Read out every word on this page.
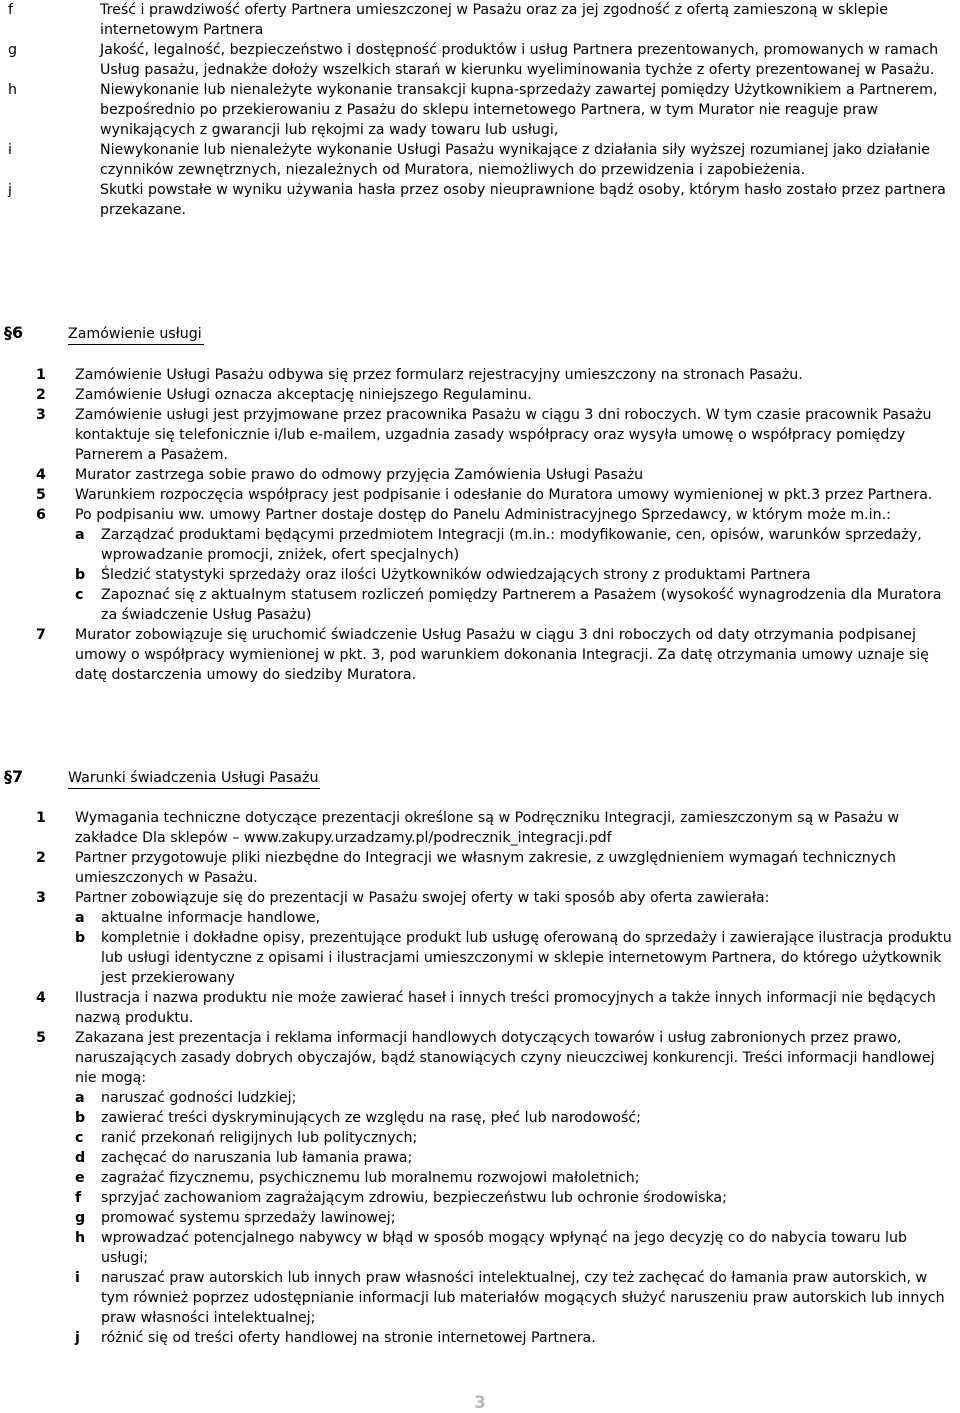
f	Treść i prawdziwość oferty Partnera umieszczonej w Pasażu oraz za jej zgodność z ofertą zamieszoną w sklepie internetowym Partnera
g	Jakość, legalność, bezpieczeństwo i dostępność produktów i usług Partnera prezentowanych, promowanych w ramach Usług pasażu, jednakże dołoży wszelkich starań w kierunku wyeliminowania tychże z oferty prezentowanej w Pasażu.
h	Niewykonanie lub nienależyte wykonanie transakcji kupna-sprzedaży zawartej pomiędzy Użytkownikiem a Partnerem, bezpośrednio po przekierowaniu z Pasażu do sklepu internetowego Partnera, w tym Murator nie reaguje praw wynikających z gwarancji lub rękojmi za wady towaru lub usługi,
i	Niewykonanie lub nienależyte wykonanie Usługi Pasażu wynikające z działania siły wyższej rozumianej jako działanie czynników zewnętrznych, niezależnych od Muratora, niemożliwych do przewidzenia i zapobieżenia.
j	Skutki powstałe w wyniku używania hasła przez osoby nieuprawnione bądź osoby, którym hasło zostało przez partnera przekazane.
§6	Zamówienie usługi
1	Zamówienie Usługi Pasażu odbywa się przez formularz rejestracyjny umieszczony na stronach Pasażu.
2	Zamówienie Usługi oznacza akceptację niniejszego Regulaminu.
3	Zamówienie usługi jest przyjmowane przez pracownika Pasażu w ciągu 3 dni roboczych. W tym czasie pracownik Pasażu kontaktuje się telefonicznie i/lub e-mailem, uzgadnia zasady współpracy oraz wysyła umowę o współpracy pomiędzy Parnerem a Pasażem.
4	Murator zastrzega sobie prawo do odmowy przyjęcia Zamówienia Usługi Pasażu
5	Warunkiem rozpoczęcia współpracy jest podpisanie i odesłanie do Muratora umowy wymienionej w pkt.3 przez Partnera.
6	Po podpisaniu ww. umowy Partner dostaje dostęp do Panelu Administracyjnego Sprzedawcy, w którym może m.in.:
a	Zarządzać produktami będącymi przedmiotem Integracji (m.in.: modyfikowanie, cen, opisów, warunków sprzedaży, wprowadzanie promocji, zniżek, ofert specjalnych)
b	Śledzić statystyki sprzedaży oraz ilości Użytkowników odwiedzających strony z produktami Partnera
c	Zapoznać się z aktualnym statusem rozliczeń pomiędzy Partnerem a Pasażem (wysokość wynagrodzenia dla Muratora za świadczenie Usług Pasażu)
7	Murator zobowiązuje się uruchomić świadczenie Usług Pasażu w ciągu 3 dni roboczych od daty otrzymania podpisanej umowy o współpracy wymienionej w pkt. 3, pod warunkiem dokonania Integracji. Za datę otrzymania umowy uznaje się datę dostarczenia umowy do siedziby Muratora.
§7	Warunki świadczenia Usługi Pasażu
1	Wymagania techniczne dotyczące prezentacji określone są w Podręczniku Integracji, zamieszczonym są w Pasażu w zakładce Dla sklepów – www.zakupy.urzadzamy.pl/podrecznik_integracji.pdf
2	Partner przygotowuje pliki niezbędne do Integracji we własnym zakresie, z uwzględnieniem wymagań technicznych umieszczonych w Pasażu.
3	Partner zobowiązuje się do prezentacji w Pasażu swojej oferty w taki sposób aby oferta zawierała:
a	aktualne informacje handlowe,
b	kompletnie i dokładne opisy, prezentujące produkt lub usługę oferowaną do sprzedaży i zawierające ilustracja produktu lub usługi identyczne z opisami i ilustracjami umieszczonymi w sklepie internetowym Partnera, do którego użytkownik jest przekierowany
4	Ilustracja i nazwa produktu nie może zawierać haseł i innych treści promocyjnych a także innych informacji nie będących nazwą produktu.
5	Zakazana jest prezentacja i reklama informacji handlowych dotyczących towarów i usług zabronionych przez prawo, naruszających zasady dobrych obyczajów, bądź stanowiących czyny nieuczciwej konkurencji. Treści informacji handlowej nie mogą:
a	naruszać godności ludzkiej;
b	zawierać treści dyskryminujących ze względu na rasę, płeć lub narodowość;
c	ranić przekonań religijnych lub politycznych;
d	zachęcać do naruszania lub łamania prawa;
e	zagrażać fizycznemu, psychicznemu lub moralnemu rozwojowi małoletnich;
f	sprzyjać zachowaniom zagrażającym zdrowiu, bezpieczeństwu lub ochronie środowiska;
g	promować systemu sprzedaży lawinowej;
h	wprowadzać potencjalnego nabywcy w błąd w sposób mogący wpłynąć na jego decyzję co do nabycia towaru lub usługi;
i	naruszać praw autorskich lub innych praw własności intelektualnej, czy też zachęcać do łamania praw autorskich, w tym również poprzez udostępnianie informacji lub materiałów mogących służyć naruszeniu praw autorskich lub innych praw własności intelektualnej;
j	różnić się od treści oferty handlowej na stronie internetowej Partnera.
3
